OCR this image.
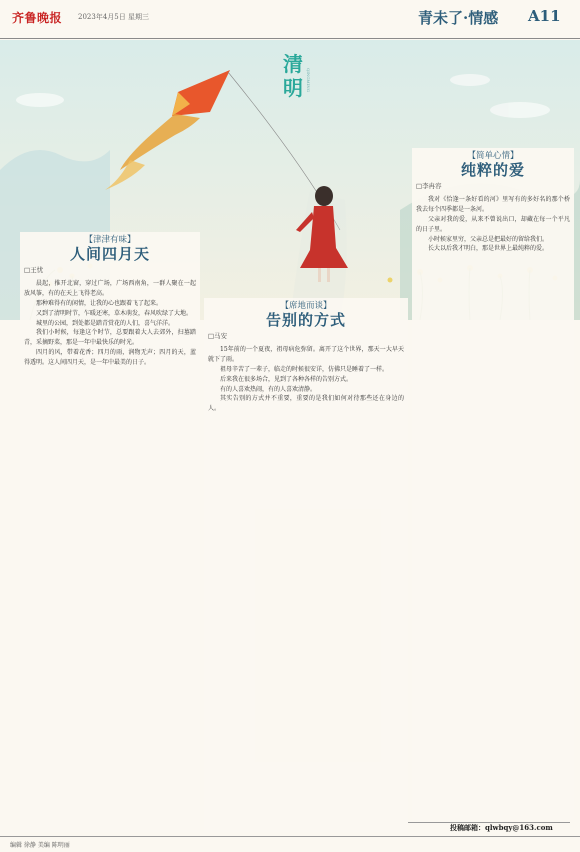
齐鲁晚报 2023年4月5日 星期三	青未了·情感 A11
清
明 QINGMING
【津津有味】
人间四月天
□王忧

晨起，推开北窗，穿过广场，广场西南角，一群人聚在一起放风筝，有的在天上飞得老高。

那种难得有的闲情，让我的心也跟着飞了起来。

又到了清明时节，乍暖还寒，草木萌发，春风吹绿了大地。

城里的公园，到处都是踏青赏花的人们，喜气洋洋。

我们小时候，每逢这个时节，总要跟着大人去郊外，扫墓踏青，采摘野菜，那是一年中最快乐的时光。

四月的风，带着花香；四月的雨，润物无声；四月的天，蓝得透明。这人间四月天，是一年中最美的日子。

【席地而谈】
告别的方式
□马安

15年前的一个夏夜，祖母病危弥留。离开了这个世界，那天一大早天就下了雨。

祖母辛苦了一辈子，临走的时候很安详，仿佛只是睡着了一样。

后来我在很多场合，见到了各种各样的告别方式。

有的人喜欢热闹，有的人喜欢清静。

其实告别的方式并不重要，重要的是我们如何对待那些还在身边的人。

【简单心情】
纯粹的爱
□李冉容

我对《恰逢一条好看的河》里写有的多好名的那个桥我去每个四季都是一条河。

父亲对我的爱，从来不曾说出口，却藏在每一个平凡的日子里。

小时候家里穷，父亲总是把最好的留给我们。

长大以后我才明白，那是世界上最纯粹的爱。

投稿邮箱：qlwbqy@163.com
编辑 徐静 美编 陈明丽
